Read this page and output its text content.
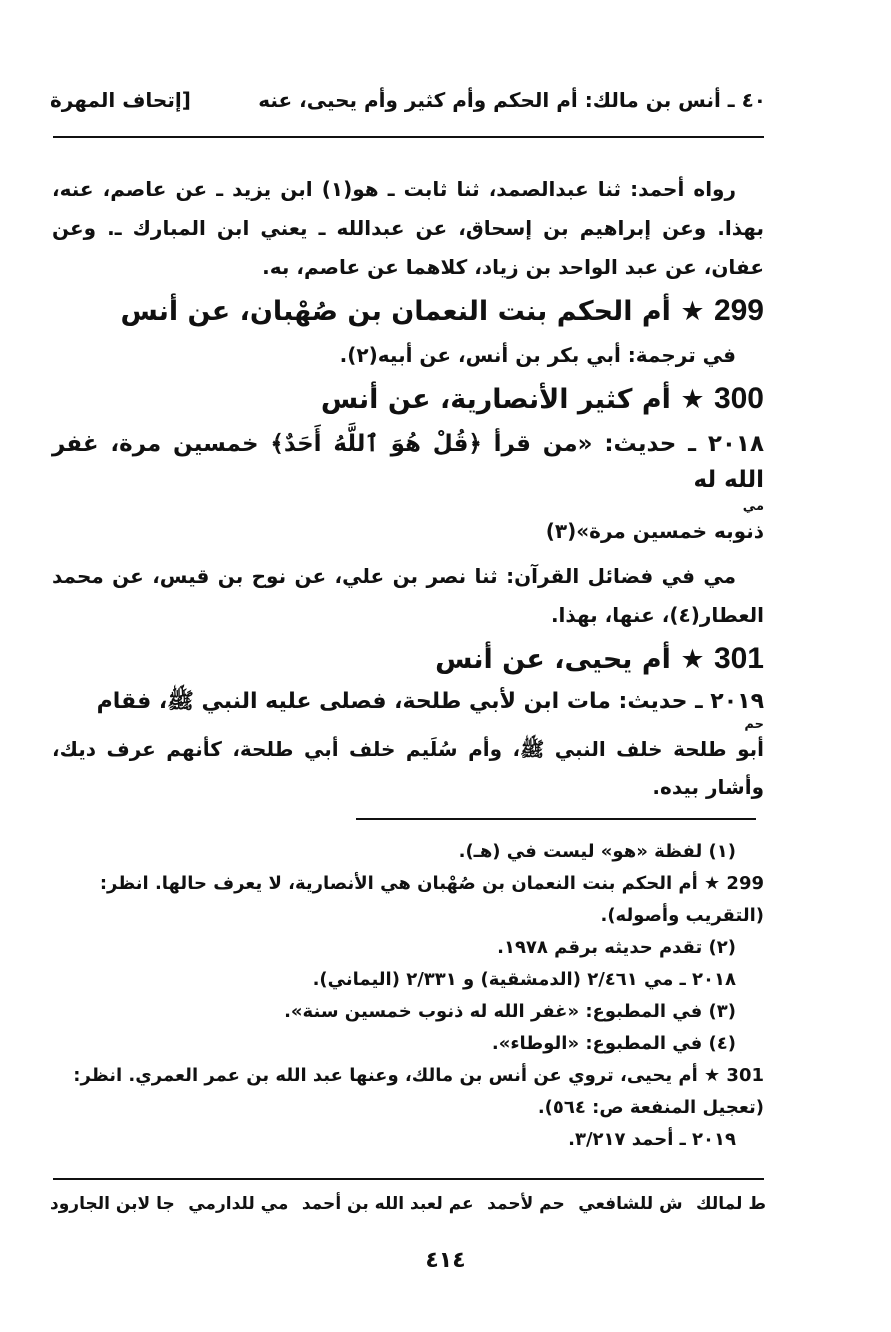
٤٠ ـ أنس بن مالك: أم الحكم وأم كثير وأم يحيى، عنه
[إتحاف المهرة

رواه أحمد: ثنا عبدالصمد، ثنا ثابت ـ هو(١) ابن يزيد ـ عن عاصم، عنه، بهذا. وعن إبراهيم بن إسحاق، عن عبدالله ـ يعني ابن المبارك ـ. وعن عفان، عن عبد الواحد بن زياد، كلاهما عن عاصم، به.

299 ★ أم الحكم بنت النعمان بن صُهْبان، عن أنس

في ترجمة: أبي بكر بن أنس، عن أبيه(٢).

300 ★ أم كثير الأنصارية، عن أنس

٢٠١٨ ـ حديث: «من قرأ ﴿قُلْ هُوَ ٱللَّهُ أَحَدٌ﴾ خمسين مرة، غفر الله له

مي

ذنوبه خمسين مرة»(٣)

مي في فضائل القرآن: ثنا نصر بن علي، عن نوح بن قيس، عن محمد العطار(٤)، عنها، بهذا.

301 ★ أم يحيى، عن أنس

٢٠١٩ ـ حديث: مات ابن لأبي طلحة، فصلى عليه النبي ﷺ، فقام

حم

أبو طلحة خلف النبي ﷺ، وأم سُلَيم خلف أبي طلحة، كأنهم عرف ديك، وأشار بيده.

(١) لفظة «هو» ليست في (هـ).

299 ★ أم الحكم بنت النعمان بن صُهْبان هي الأنصارية، لا يعرف حالها. انظر: (التقريب وأصوله).

(٢) تقدم حديثه برقم ١٩٧٨.

٢٠١٨ ـ مي ٢/٤٦١ (الدمشقية) و ٢/٣٣١ (اليماني).

(٣) في المطبوع: «غفر الله له ذنوب خمسين سنة».

(٤) في المطبوع: «الوطاء».

301 ★ أم يحيى، تروي عن أنس بن مالك، وعنها عبد الله بن عمر العمري. انظر: (تعجيل المنفعة ص: ٥٦٤).

٢٠١٩ ـ أحمد ٣/٢١٧.

ط لمالك
ش للشافعي
حم لأحمد
عم لعبد الله بن أحمد
مي للدارمي
جا لابن الجارود
٤١٤
